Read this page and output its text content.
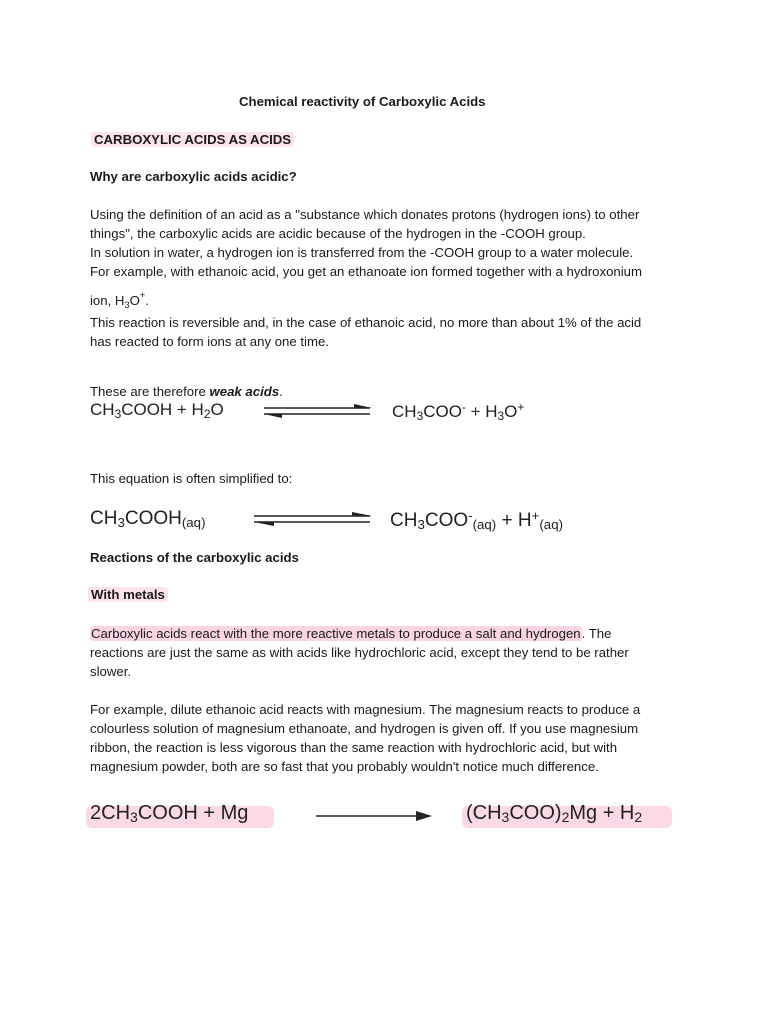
Chemical reactivity of Carboxylic Acids
CARBOXYLIC ACIDS AS ACIDS
Why are carboxylic acids acidic?
Using the definition of an acid as a "substance which donates protons (hydrogen ions) to other
things", the carboxylic acids are acidic because of the hydrogen in the -COOH group.
In solution in water, a hydrogen ion is transferred from the -COOH group to a water molecule.
For example, with ethanoic acid, you get an ethanoate ion formed together with a hydroxonium
ion, $H_3O^+$.
This reaction is reversible and, in the case of ethanoic acid, no more than about 1% of the acid
has reacted to form ions at any one time.
These are therefore weak acids.
$CH_3COOH + H_2O$	$CH_3COO^- + H_3O^+$
This equation is often simplified to:
$CH_3COOH_{(aq)}$	$CH_3COO^-_{(aq)} + H^+_{(aq)}$
Reactions of the carboxylic acids
With metals
Carboxylic acids react with the more reactive metals to produce a salt and hydrogen. The
reactions are just the same as with acids like hydrochloric acid, except they tend to be rather
slower.
For example, dilute ethanoic acid reacts with magnesium. The magnesium reacts to produce a
colourless solution of magnesium ethanoate, and hydrogen is given off. If you use magnesium
ribbon, the reaction is less vigorous than the same reaction with hydrochloric acid, but with
magnesium powder, both are so fast that you probably wouldn't notice much difference.
$2CH_3COOH + Mg$	$(CH_3COO)_2Mg + H_2$
